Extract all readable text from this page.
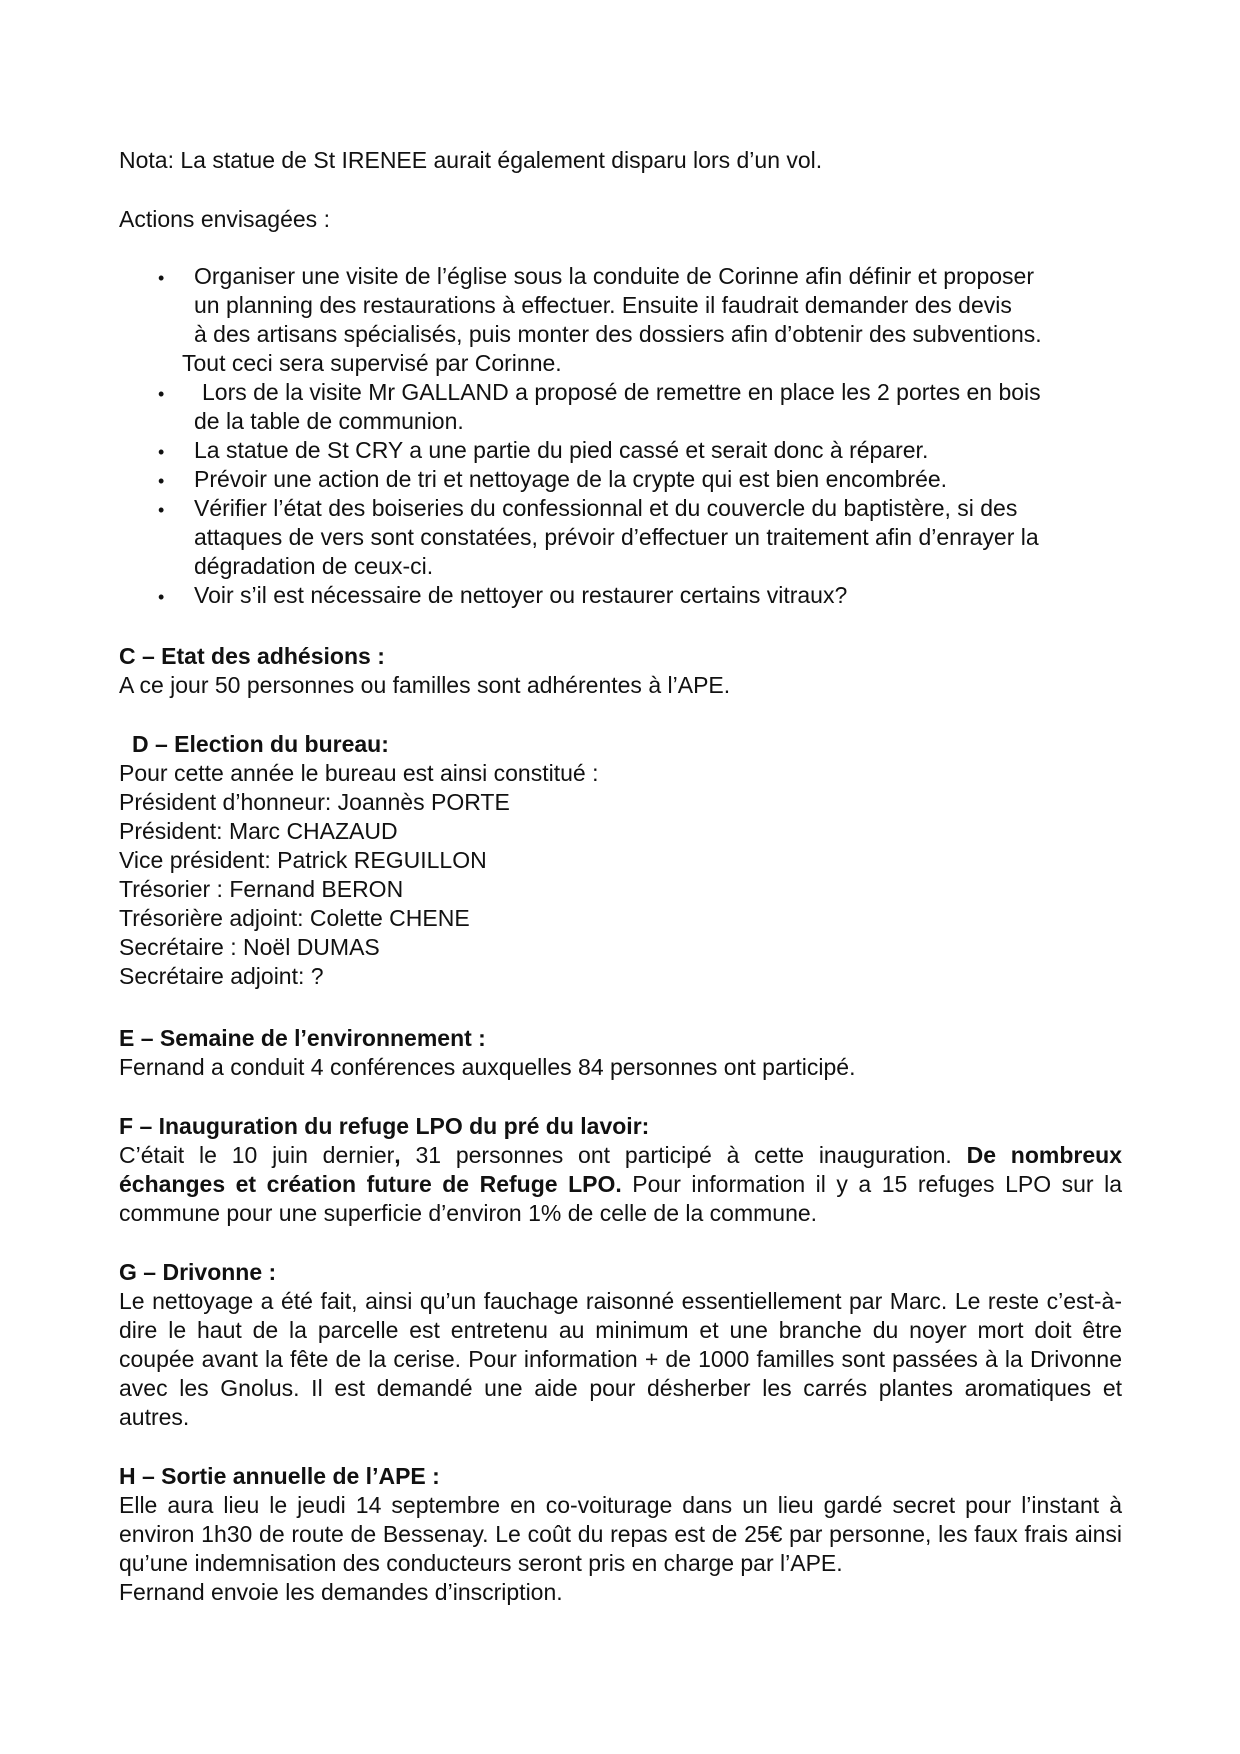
Nota: La statue de St IRENEE aurait également disparu lors d’un vol.

Actions envisagées :

• Organiser une visite de l’église sous la conduite de Corinne afin définir et proposer
un planning des restaurations à effectuer. Ensuite il faudrait demander des devis
à des artisans spécialisés, puis monter des dossiers afin d’obtenir des subventions.
Tout ceci sera supervisé par Corinne.
•	Lors de la visite Mr GALLAND a proposé de remettre en place les 2 portes en bois
de la table de communion.
• La statue de St CRY a une partie du pied cassé et serait donc à réparer.
• Prévoir une action de tri et nettoyage de la crypte qui est bien encombrée.
• Vérifier l’état des boiseries du confessionnal et du couvercle du baptistère, si des
attaques de vers sont constatées, prévoir d’effectuer un traitement afin d’enrayer la
dégradation de ceux-ci.
• Voir s’il est nécessaire de nettoyer ou restaurer certains vitraux?

C – Etat des adhésions :

A ce jour 50 personnes ou familles sont adhérentes à l’APE.

D – Election du bureau:

Pour cette année le bureau est ainsi constitué :
Président d’honneur: Joannès PORTE
Président: Marc CHAZAUD
Vice président: Patrick REGUILLON
Trésorier : Fernand BERON
Trésorière adjoint: Colette CHENE
Secrétaire : Noël DUMAS
Secrétaire adjoint: ?

E – Semaine de l’environnement :

Fernand a conduit 4 conférences auxquelles 84 personnes ont participé.

F – Inauguration du refuge LPO du pré du lavoir:

C’était le 10 juin dernier, 31 personnes ont participé à cette inauguration. De nombreux échanges et création future de Refuge LPO. Pour information il y a 15 refuges LPO sur la commune pour une superficie d’environ 1% de celle de la commune.

G – Drivonne :

Le nettoyage a été fait, ainsi qu’un fauchage raisonné essentiellement par Marc. Le reste c’est-à-dire le haut de la parcelle est entretenu au minimum et une branche du noyer mort doit être coupée avant la fête de la cerise. Pour information + de 1000 familles sont passées à la Drivonne avec les Gnolus. Il est demandé une aide pour désherber les carrés plantes aromatiques et autres.

H – Sortie annuelle de l’APE :

Elle aura lieu le jeudi 14 septembre en co-voiturage dans un lieu gardé secret pour l’instant à environ 1h30 de route de Bessenay. Le coût du repas est de 25€ par personne, les faux frais ainsi qu’une indemnisation des conducteurs seront pris en charge par l’APE.

Fernand envoie les demandes d’inscription.
